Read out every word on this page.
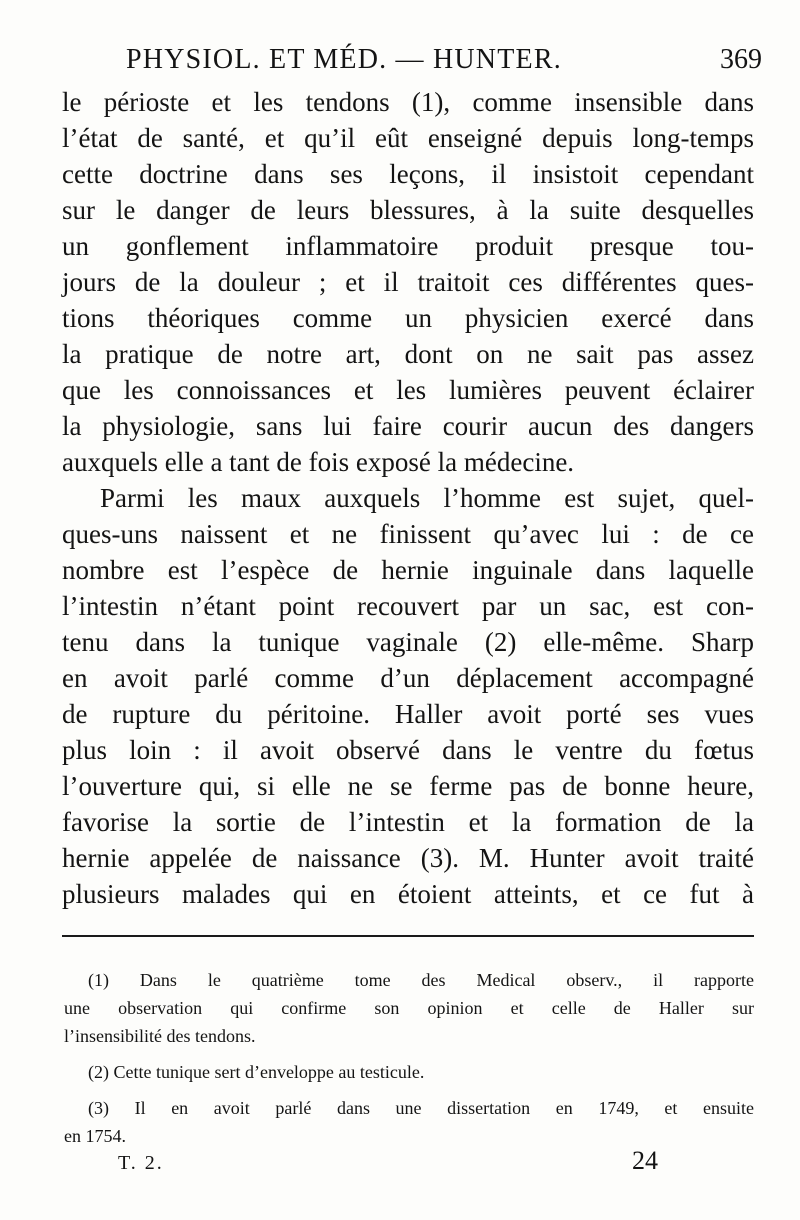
PHYSIOL. ET MÉD. — HUNTER.	369
le périoste et les tendons (1), comme insensible dans
l’état de santé, et qu’il eût enseigné depuis long-temps
cette doctrine dans ses leçons, il insistoit cependant
sur le danger de leurs blessures, à la suite desquelles
un gonflement inflammatoire produit presque tou-
jours de la douleur ; et il traitoit ces différentes ques-
tions théoriques comme un physicien exercé dans
la pratique de notre art, dont on ne sait pas assez
que les connoissances et les lumières peuvent éclairer
la physiologie, sans lui faire courir aucun des dangers
auxquels elle a tant de fois exposé la médecine.
Parmi les maux auxquels l’homme est sujet, quel-
ques-uns naissent et ne finissent qu’avec lui : de ce
nombre est l’espèce de hernie inguinale dans laquelle
l’intestin n’étant point recouvert par un sac, est con-
tenu dans la tunique vaginale (2) elle-même. Sharp
en avoit parlé comme d’un déplacement accompagné
de rupture du péritoine. Haller avoit porté ses vues
plus loin : il avoit observé dans le ventre du fœtus
l’ouverture qui, si elle ne se ferme pas de bonne heure,
favorise la sortie de l’intestin et la formation de la
hernie appelée de naissance (3). M. Hunter avoit traité
plusieurs malades qui en étoient atteints, et ce fut à
(1) Dans le quatrième tome des Medical observ., il rapporte
une observation qui confirme son opinion et celle de Haller sur
l’insensibilité des tendons.
(2) Cette tunique sert d’enveloppe au testicule.
(3) Il en avoit parlé dans une dissertation en 1749, et ensuite
en 1754.
T. 2.	24
